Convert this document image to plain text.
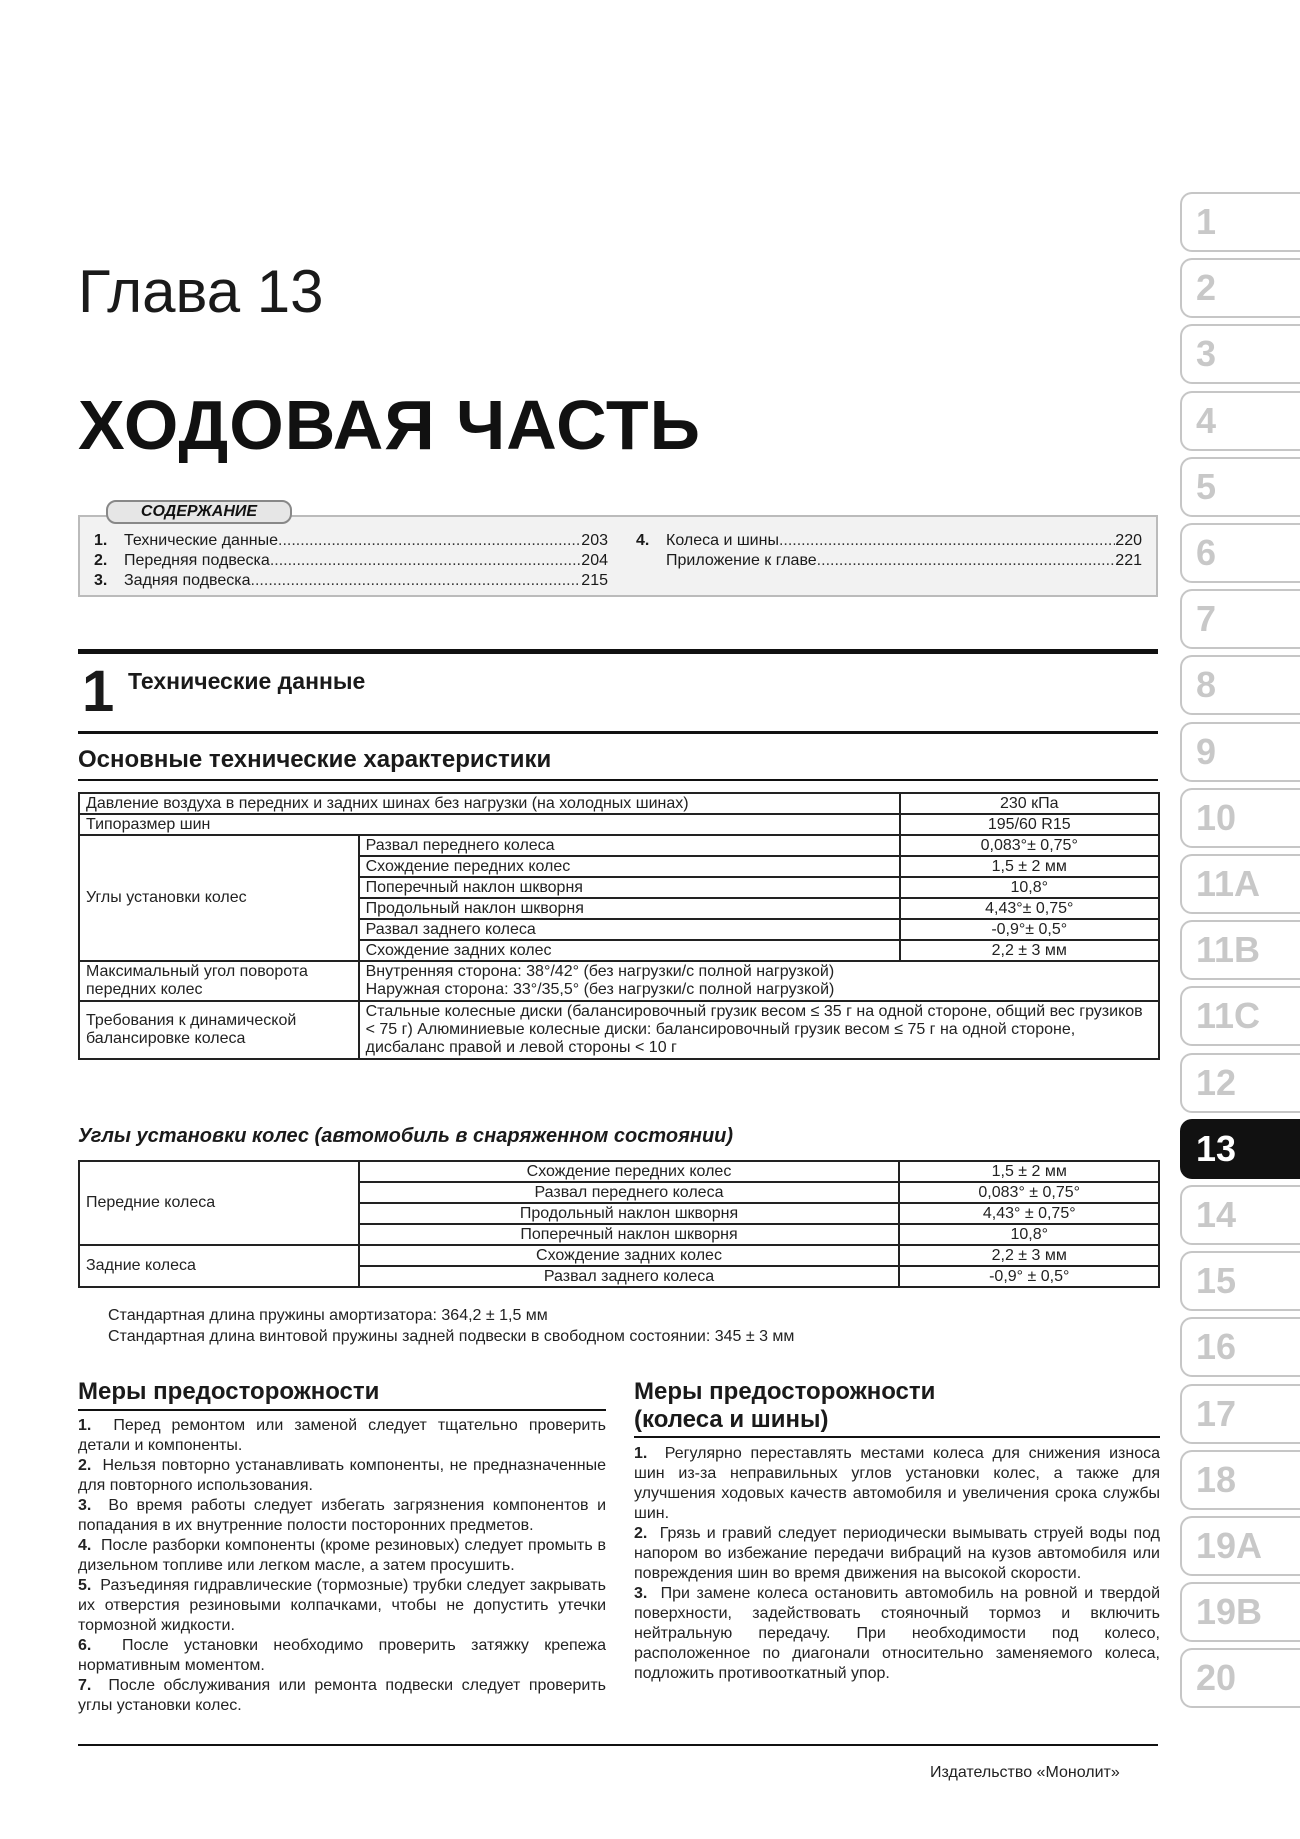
Глава 13
ХОДОВАЯ ЧАСТЬ
1.	Технические данные .....	203
2.	Передняя подвеска .....	204
3.	Задняя подвеска .....	215
4.	Колеса и шины .....	220
Приложение к главе .....	221
СОДЕРЖАНИЕ
1 Технические данные
Основные технические характеристики
Давление воздуха в передних и задних шинах без нагрузки (на холодных шинах)		230 кПа
Типоразмер шин		195/60 R15
Углы установки колес	Развал переднего колеса	0,083°± 0,75°
	Схождение передних колес	1,5 ± 2 мм
	Поперечный наклон шкворня	10,8°
	Продольный наклон шкворня	4,43°± 0,75°
	Развал заднего колеса	-0,9°± 0,5°
	Схождение задних колес	2,2 ± 3 мм
Максимальный угол поворота передних колес	Внутренняя сторона: 38°/42° (без нагрузки/с полной нагрузкой)
Наружная сторона: 33°/35,5° (без нагрузки/с полной нагрузкой)	

Требования к динамической балансировке колеса	Стальные колесные диски (балансировочный грузик весом ≤ 35 г на одной стороне, общий вес грузиков < 75 г) Алюминиевые колесные диски: балансировочный грузик весом ≤ 75 г на одной стороне, дисбаланс правой и левой стороны < 10 г	
Углы установки колес (автомобиль в снаряженном состоянии)
Передние колеса	Схождение передних колес	1,5 ± 2 мм
	Развал переднего колеса	0,083° ± 0,75°
	Продольный наклон шкворня	4,43° ± 0,75°
	Поперечный наклон шкворня	10,8°
Задние колеса	Схождение задних колес	2,2 ± 3 мм
	Развал заднего колеса	-0,9° ± 0,5°
Стандартная длина пружины амортизатора: 364,2 ± 1,5 мм
Стандартная длина винтовой пружины задней подвески в свободном состоянии: 345 ± 3 мм
Меры предосторожности

1. Перед ремонтом или заменой следует тщательно проверить детали и компоненты.

2. Нельзя повторно устанавливать компоненты, не предназначенные для повторного использования.

3. Во время работы следует избегать загрязнения компонентов и попадания в их внутренние полости посторонних предметов.

4. После разборки компоненты (кроме резиновых) следует промыть в дизельном топливе или легком масле, а затем просушить.

5. Разъединяя гидравлические (тормозные) трубки следует закрывать их отверстия резиновыми колпачками, чтобы не допустить утечки тормозной жидкости.

6. После установки необходимо проверить затяжку крепежа нормативным моментом.

7. После обслуживания или ремонта подвески следует проверить углы установки колес.

Меры предосторожности
(колеса и шины)

1. Регулярно переставлять местами колеса для снижения износа шин из-за неправильных углов установки колес, а также для улучшения ходовых качеств автомобиля и увеличения срока службы шин.

2. Грязь и гравий следует периодически вымывать струей воды под напором во избежание передачи вибраций на кузов автомобиля или повреждения шин во время движения на высокой скорости.

3. При замене колеса остановить автомобиль на ровной и твердой поверхности, задействовать стояночный тормоз и включить нейтральную передачу. При необходимости под колесо, расположенное по диагонали относительно заменяемого колеса, подложить противооткатный упор.

Издательство «Монолит»
1
2
3
4
5
6
7
8
9
10
11A
11B
11C
12
13
14
15
16
17
18
19A
19B
20
